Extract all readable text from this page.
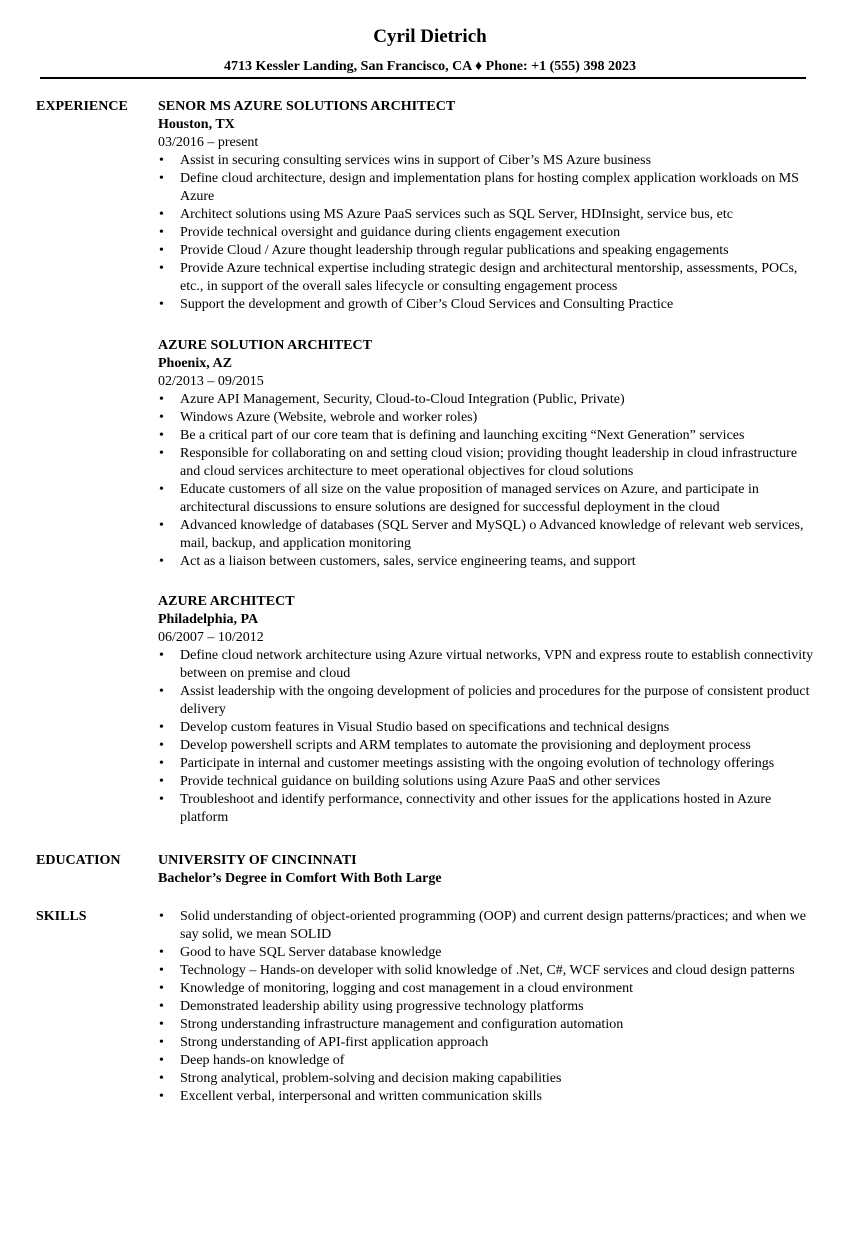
Cyril Dietrich
4713 Kessler Landing, San Francisco, CA ♦ Phone: +1 (555) 398 2023
EXPERIENCE
EDUCATION
SKILLS
SENOR MS AZURE SOLUTIONS ARCHITECT
Houston, TX
03/2016 – present
• Assist in securing consulting services wins in support of Ciber’s MS Azure business
• Define cloud architecture, design and implementation plans for hosting complex application workloads on MS Azure
• Architect solutions using MS Azure PaaS services such as SQL Server, HDInsight, service bus, etc
• Provide technical oversight and guidance during clients engagement execution
• Provide Cloud / Azure thought leadership through regular publications and speaking engagements
• Provide Azure technical expertise including strategic design and architectural mentorship, assessments, POCs, etc., in support of the overall sales lifecycle or consulting engagement process
• Support the development and growth of Ciber’s Cloud Services and Consulting Practice
AZURE SOLUTION ARCHITECT
Phoenix, AZ
02/2013 – 09/2015
• Azure API Management, Security, Cloud-to-Cloud Integration (Public, Private)
• Windows Azure (Website, webrole and worker roles)
• Be a critical part of our core team that is defining and launching exciting “Next Generation” services
• Responsible for collaborating on and setting cloud vision; providing thought leadership in cloud infrastructure and cloud services architecture to meet operational objectives for cloud solutions
• Educate customers of all size on the value proposition of managed services on Azure, and participate in architectural discussions to ensure solutions are designed for successful deployment in the cloud
• Advanced knowledge of databases (SQL Server and MySQL) o Advanced knowledge of relevant web services, mail, backup, and application monitoring
• Act as a liaison between customers, sales, service engineering teams, and support
AZURE ARCHITECT
Philadelphia, PA
06/2007 – 10/2012
• Define cloud network architecture using Azure virtual networks, VPN and express route to establish connectivity between on premise and cloud
• Assist leadership with the ongoing development of policies and procedures for the purpose of consistent product delivery
• Develop custom features in Visual Studio based on specifications and technical designs
• Develop powershell scripts and ARM templates to automate the provisioning and deployment process
• Participate in internal and customer meetings assisting with the ongoing evolution of technology offerings
• Provide technical guidance on building solutions using Azure PaaS and other services
• Troubleshoot and identify performance, connectivity and other issues for the applications hosted in Azure platform
UNIVERSITY OF CINCINNATI
Bachelor’s Degree in Comfort With Both Large
• Solid understanding of object-oriented programming (OOP) and current design patterns/practices; and when we say solid, we mean SOLID
• Good to have SQL Server database knowledge
• Technology – Hands-on developer with solid knowledge of .Net, C#, WCF services and cloud design patterns
• Knowledge of monitoring, logging and cost management in a cloud environment
• Demonstrated leadership ability using progressive technology platforms
• Strong understanding infrastructure management and configuration automation
• Strong understanding of API-first application approach
• Deep hands-on knowledge of
• Strong analytical, problem-solving and decision making capabilities
• Excellent verbal, interpersonal and written communication skills
